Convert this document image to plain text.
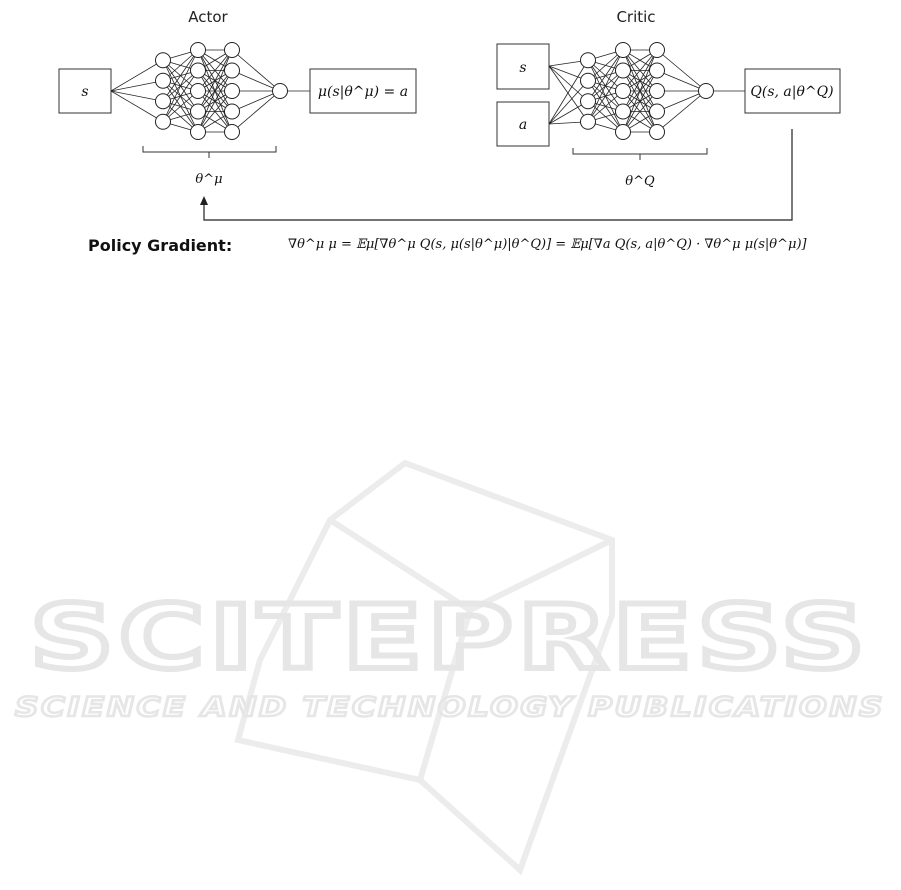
SCITEPRESS
SCIENCE AND TECHNOLOGY PUBLICATIONS
Actor
s	μ(s|θ^μ) = a
θ^μ
Critic
s
a
Q(s, a|θ^Q)
θ^Q
Policy Gradient:	∇θ^μ μ = 𝔼μ[∇θ^μ Q(s, μ(s|θ^μ)|θ^Q)] = 𝔼μ[∇a Q(s, a|θ^Q) · ∇θ^μ μ(s|θ^μ)]
